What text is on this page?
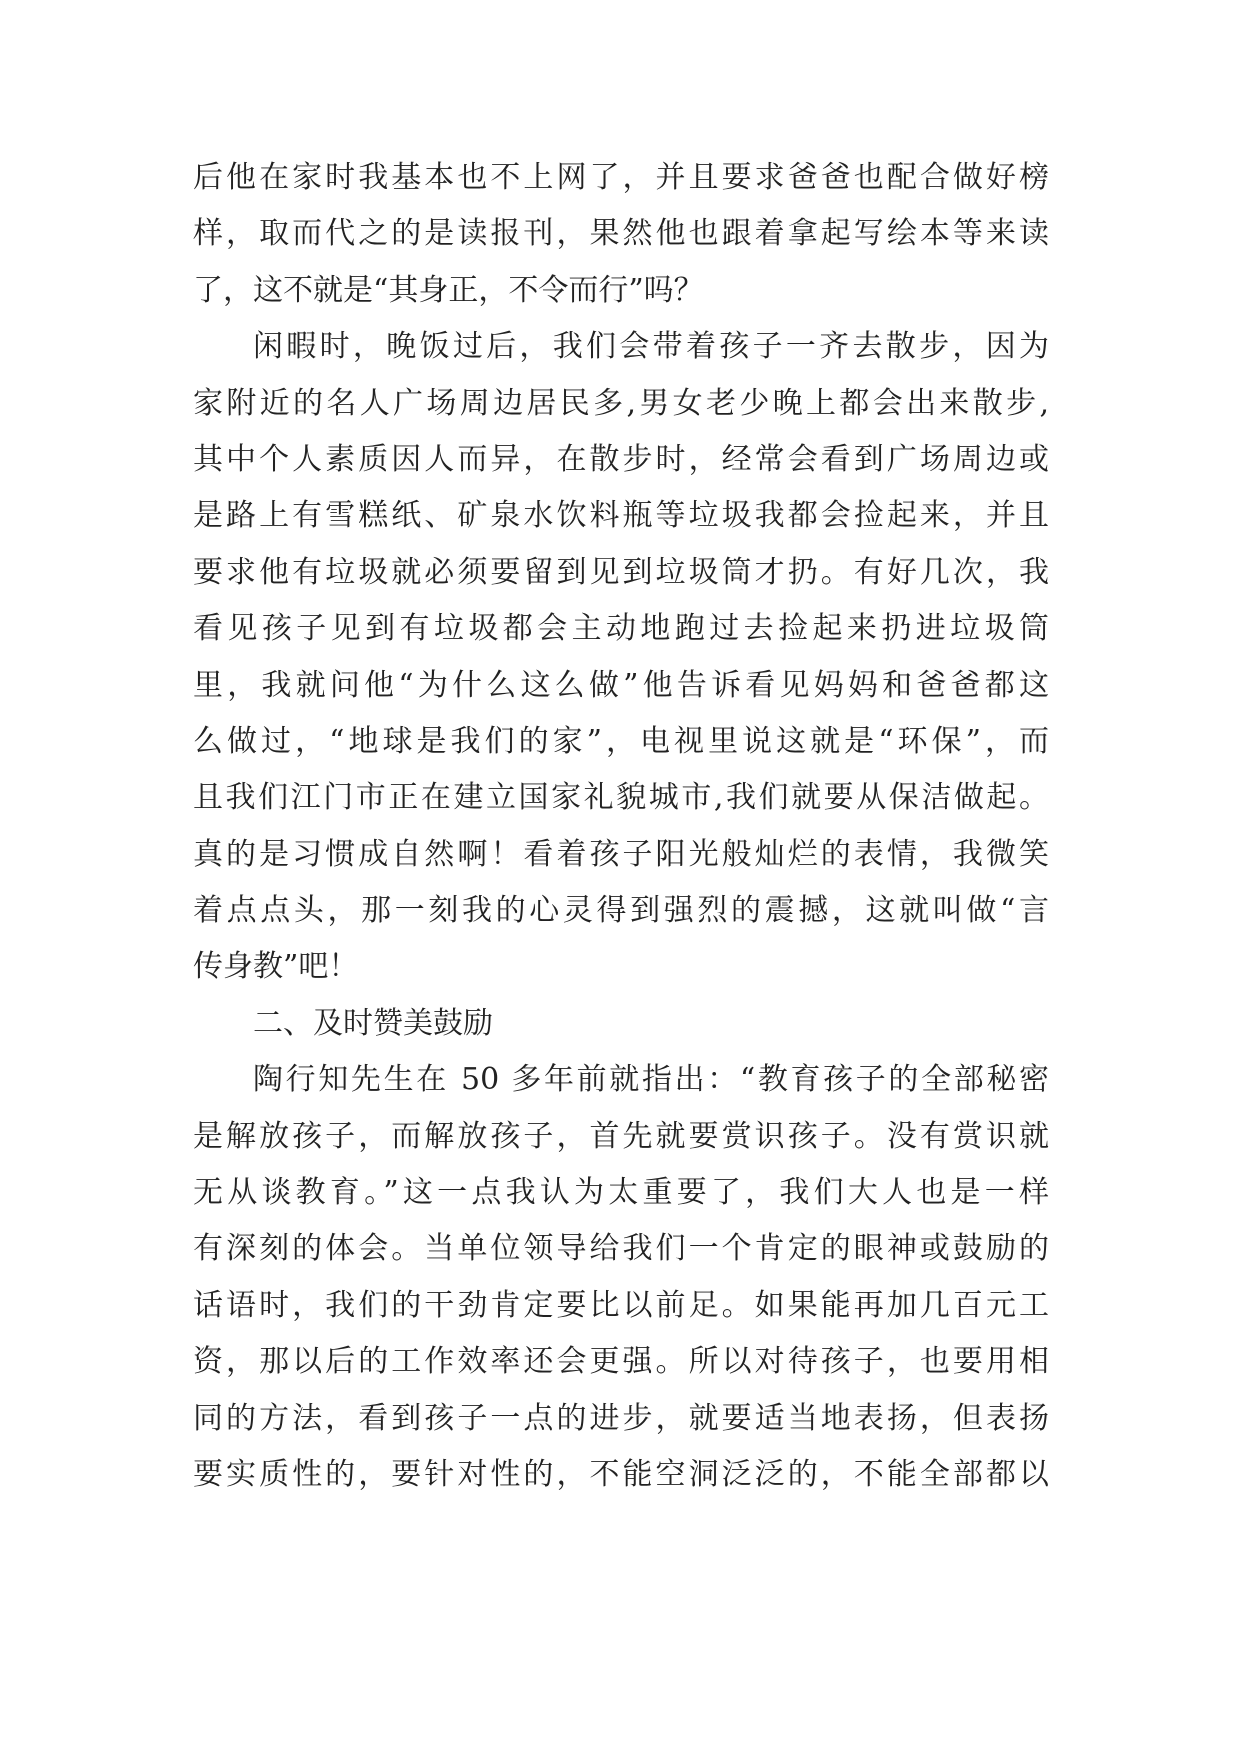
后他在家时我基本也不上网了，并且要求爸爸也配合做好榜
样，取而代之的是读报刊，果然他也跟着拿起写绘本等来读
了，这不就是“其身正，不令而行”吗？
闲暇时，晚饭过后，我们会带着孩子一齐去散步，因为
家附近的名人广场周边居民多,男女老少晚上都会出来散步,
其中个人素质因人而异，在散步时，经常会看到广场周边或
是路上有雪糕纸、矿泉水饮料瓶等垃圾我都会捡起来，并且
要求他有垃圾就必须要留到见到垃圾筒才扔。有好几次，我
看见孩子见到有垃圾都会主动地跑过去捡起来扔进垃圾筒
里，我就问他“为什么这么做”他告诉看见妈妈和爸爸都这
么做过，“地球是我们的家”，电视里说这就是“环保”，而
且我们江门市正在建立国家礼貌城市,我们就要从保洁做起。
真的是习惯成自然啊！看着孩子阳光般灿烂的表情，我微笑
着点点头，那一刻我的心灵得到强烈的震撼，这就叫做“言
传身教”吧！
二、及时赞美鼓励
陶行知先生在 50 多年前就指出：“教育孩子的全部秘密
是解放孩子，而解放孩子，首先就要赏识孩子。没有赏识就
无从谈教育。”这一点我认为太重要了，我们大人也是一样
有深刻的体会。当单位领导给我们一个肯定的眼神或鼓励的
话语时，我们的干劲肯定要比以前足。如果能再加几百元工
资，那以后的工作效率还会更强。所以对待孩子，也要用相
同的方法，看到孩子一点的进步，就要适当地表扬，但表扬
要实质性的，要针对性的，不能空洞泛泛的，不能全部都以
